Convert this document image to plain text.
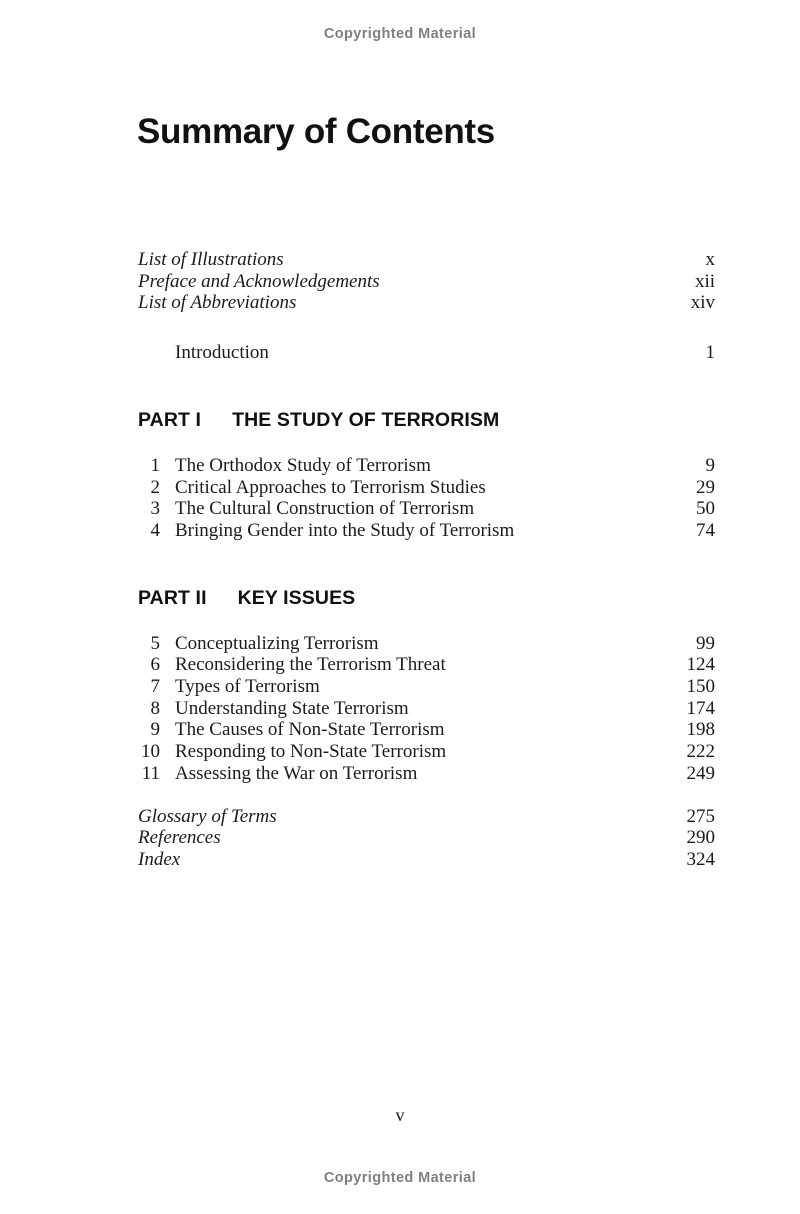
Copyrighted Material
Summary of Contents
List of Illustrations	x
Preface and Acknowledgements	xii
List of Abbreviations	xiv
Introduction	1
PART I THE STUDY OF TERRORISM
1 The Orthodox Study of Terrorism	9
2 Critical Approaches to Terrorism Studies	29
3 The Cultural Construction of Terrorism	50
4 Bringing Gender into the Study of Terrorism	74
PART II KEY ISSUES
5 Conceptualizing Terrorism	99
6 Reconsidering the Terrorism Threat	124
7 Types of Terrorism	150
8 Understanding State Terrorism	174
9 The Causes of Non-State Terrorism	198
10 Responding to Non-State Terrorism	222
11 Assessing the War on Terrorism	249
Glossary of Terms	275
References	290
Index	324
v
Copyrighted Material
